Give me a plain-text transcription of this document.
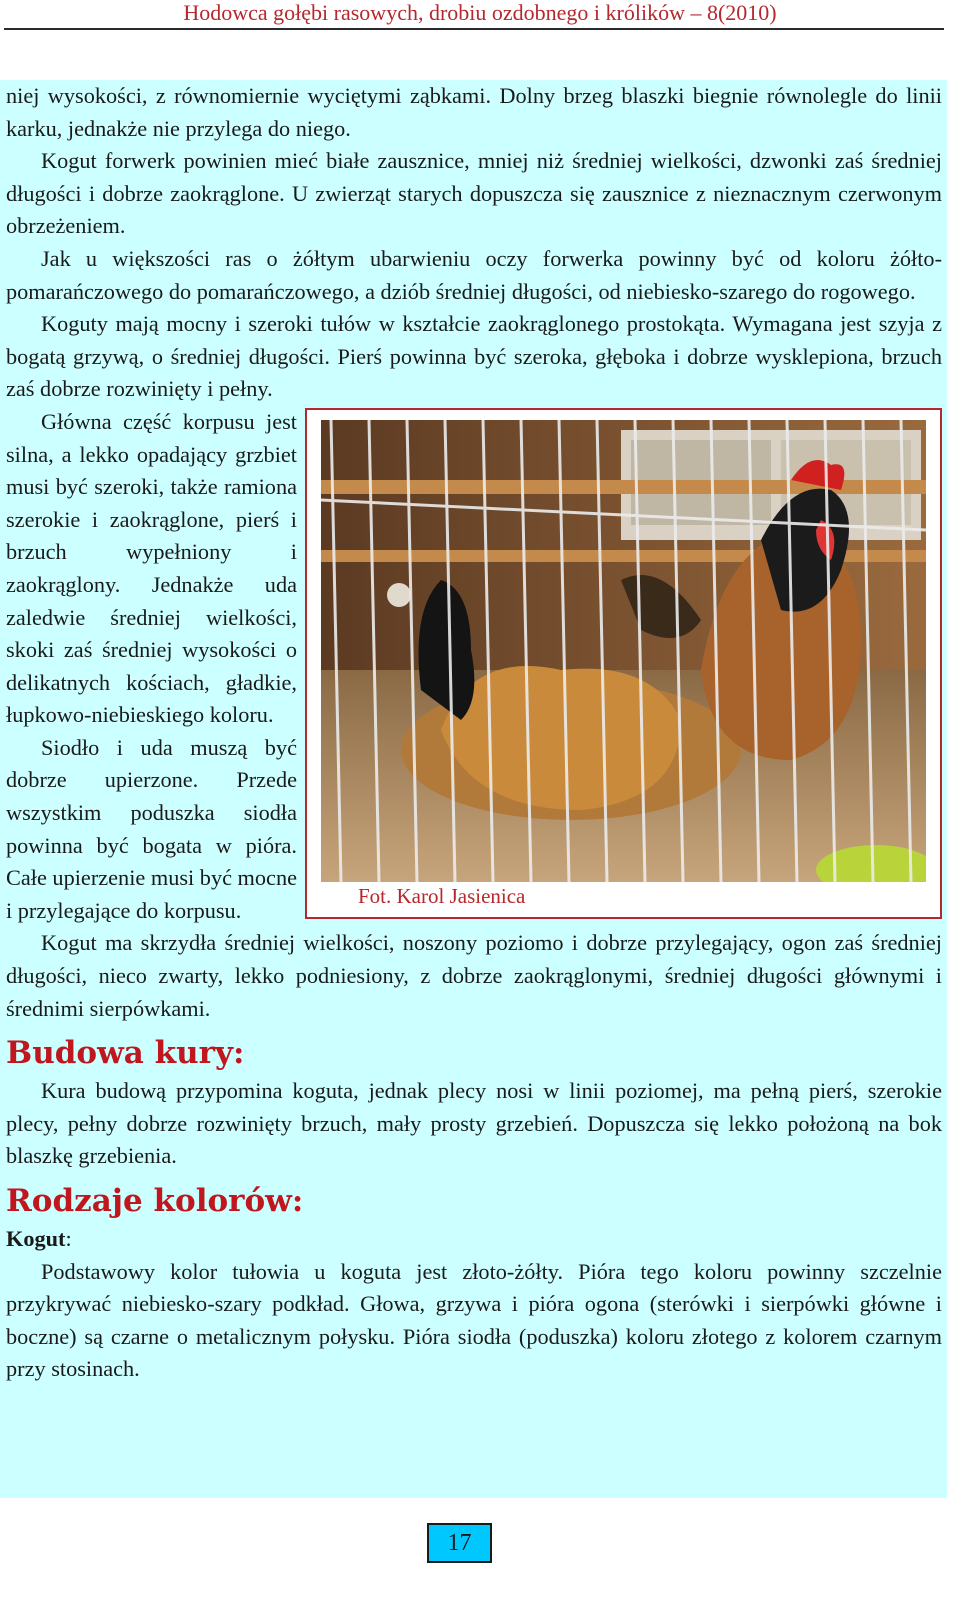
Hodowca gołębi rasowych, drobiu ozdobnego i królików – 8(2010)

niej wysokości, z równomiernie wyciętymi ząbkami. Dolny brzeg blaszki biegnie równolegle do linii karku, jednakże nie przylega do niego.

Kogut forwerk powinien mieć białe zausznice, mniej niż średniej wielkości, dzwonki zaś średniej długości i dobrze zaokrąglone. U zwierząt starych dopuszcza się zausznice z nieznacznym czerwonym obrzeżeniem.

Jak u większości ras o żółtym ubarwieniu oczy forwerka powinny być od koloru żółto-pomarańczowego do pomarańczowego, a dziób średniej długości, od niebiesko-szarego do rogowego.

Koguty mają mocny i szeroki tułów w kształcie zaokrąglonego prostokąta. Wymagana jest szyja z bogatą grzywą, o średniej długości. Pierś powinna być szeroka, głęboka i dobrze wysklepiona, brzuch zaś dobrze rozwinięty i pełny.

Fot. Karol Jasienica
Główna część korpusu jest silna, a lekko opadający grzbiet musi być szeroki, także ramiona szerokie i zaokrąglone, pierś i brzuch wypełniony i zaokrąglony. Jednakże uda zaledwie średniej wielkości, skoki zaś średniej wysokości o delikatnych kościach, gładkie, łupkowo-niebieskiego koloru.

Siodło i uda muszą być dobrze upierzone. Przede wszystkim poduszka siodła powinna być bogata w pióra. Całe upierzenie musi być mocne i przylegające do korpusu.

Kogut ma skrzydła średniej wielkości, noszony poziomo i dobrze przylegający, ogon zaś średniej długości, nieco zwarty, lekko podniesiony, z dobrze zaokrąglonymi, średniej długości głównymi i średnimi sierpówkami.

Budowa kury:

Kura budową przypomina koguta, jednak plecy nosi w linii poziomej, ma pełną pierś, szerokie plecy, pełny dobrze rozwinięty brzuch, mały prosty grzebień. Dopuszcza się lekko położoną na bok blaszkę grzebienia.

Rodzaje kolorów:

Kogut:

Podstawowy kolor tułowia u koguta jest złoto-żółty. Pióra tego koloru powinny szczelnie przykrywać niebiesko-szary podkład. Głowa, grzywa i pióra ogona (sterówki i sierpówki główne i boczne) są czarne o metalicznym połysku. Pióra siodła (poduszka) koloru złotego z kolorem czarnym przy stosinach.

17
